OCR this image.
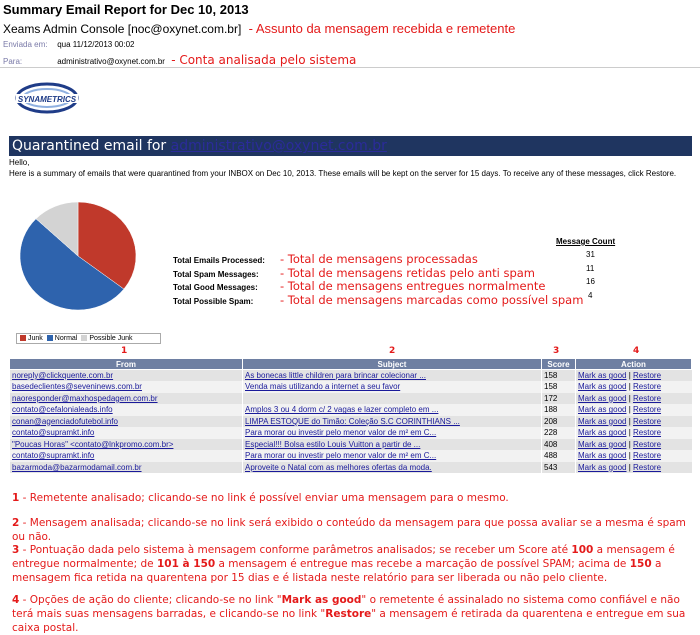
Summary Email Report for Dec 10, 2013
Xeams Admin Console [noc@oxynet.com.br] - Assunto da mensagem recebida e remetente
Enviada em: qua 11/12/2013 00:02
Para:	administrativo@oxynet.com.br - Conta analisada pelo sistema
SYNAMETRICS
Quarantined email for administrativo@oxynet.com.br
Hello,
Here is a summary of emails that were quarantined from your INBOX on Dec 10, 2013. These emails will be kept on the server for 15 days. To receive any of these messages, click Restore.
Junk	Normal	Possible Junk
Message Count
Total Emails Processed: - Total de mensagens processadas	31
Total Spam Messages: - Total de mensagens retidas pelo anti spam	11
Total Good Messages: - Total de mensagens entregues normalmente	16
Total Possible Spam: - Total de mensagens marcadas como possível spam 4
1	2	3	4
From	Subject	Score	Action
noreply@clickquente.com.br	As bonecas little children para brincar colecionar ...	158	Mark as good | Restore
basedeclientes@seveninews.com.br	Venda mais utilizando a internet a seu favor	158	Mark as good | Restore
naoresponder@maxhospedagem.com.br		172	Mark as good | Restore
contato@cefalonialeads.info	Amplos 3 ou 4 dorm c/ 2 vagas e lazer completo em ...	188	Mark as good | Restore
conan@agenciadofutebol.info	LIMPA ESTOQUE do Timão: Coleção S.C CORINTHIANS ...	208	Mark as good | Restore
contato@supramkt.info	Para morar ou investir pelo menor valor de m² em C...	228	Mark as good | Restore
"Poucas Horas" <contato@lnkpromo.com.br>	Especial!!! Bolsa estilo Louis Vuitton a partir de ...	408	Mark as good | Restore
contato@supramkt.info	Para morar ou investir pelo menor valor de m² em C...	488	Mark as good | Restore
bazarmoda@bazarmodamail.com.br	Aproveite o Natal com as melhores ofertas da moda.	543	Mark as good | Restore
1 - Remetente analisado; clicando-se no link é possível enviar uma mensagem para o mesmo.
2 - Mensagem analisada; clicando-se no link será exibido o conteúdo da mensagem para que possa avaliar se a mesma é spam ou não.
3 - Pontuação dada pelo sistema à mensagem conforme parâmetros analisados; se receber um Score até 100 a mensagem é entregue normalmente; de 101 à 150 a mensagem é entregue mas recebe a marcação de possível SPAM; acima de 150 a mensagem fica retida na quarentena por 15 dias e é listada neste relatório para ser liberada ou não pelo cliente.
4 - Opções de ação do cliente; clicando-se no link "Mark as good" o remetente é assinalado no sistema como confiável e não terá mais suas mensagens barradas, e clicando-se no link "Restore" a mensagem é retirada da quarentena e entregue em sua caixa postal.
